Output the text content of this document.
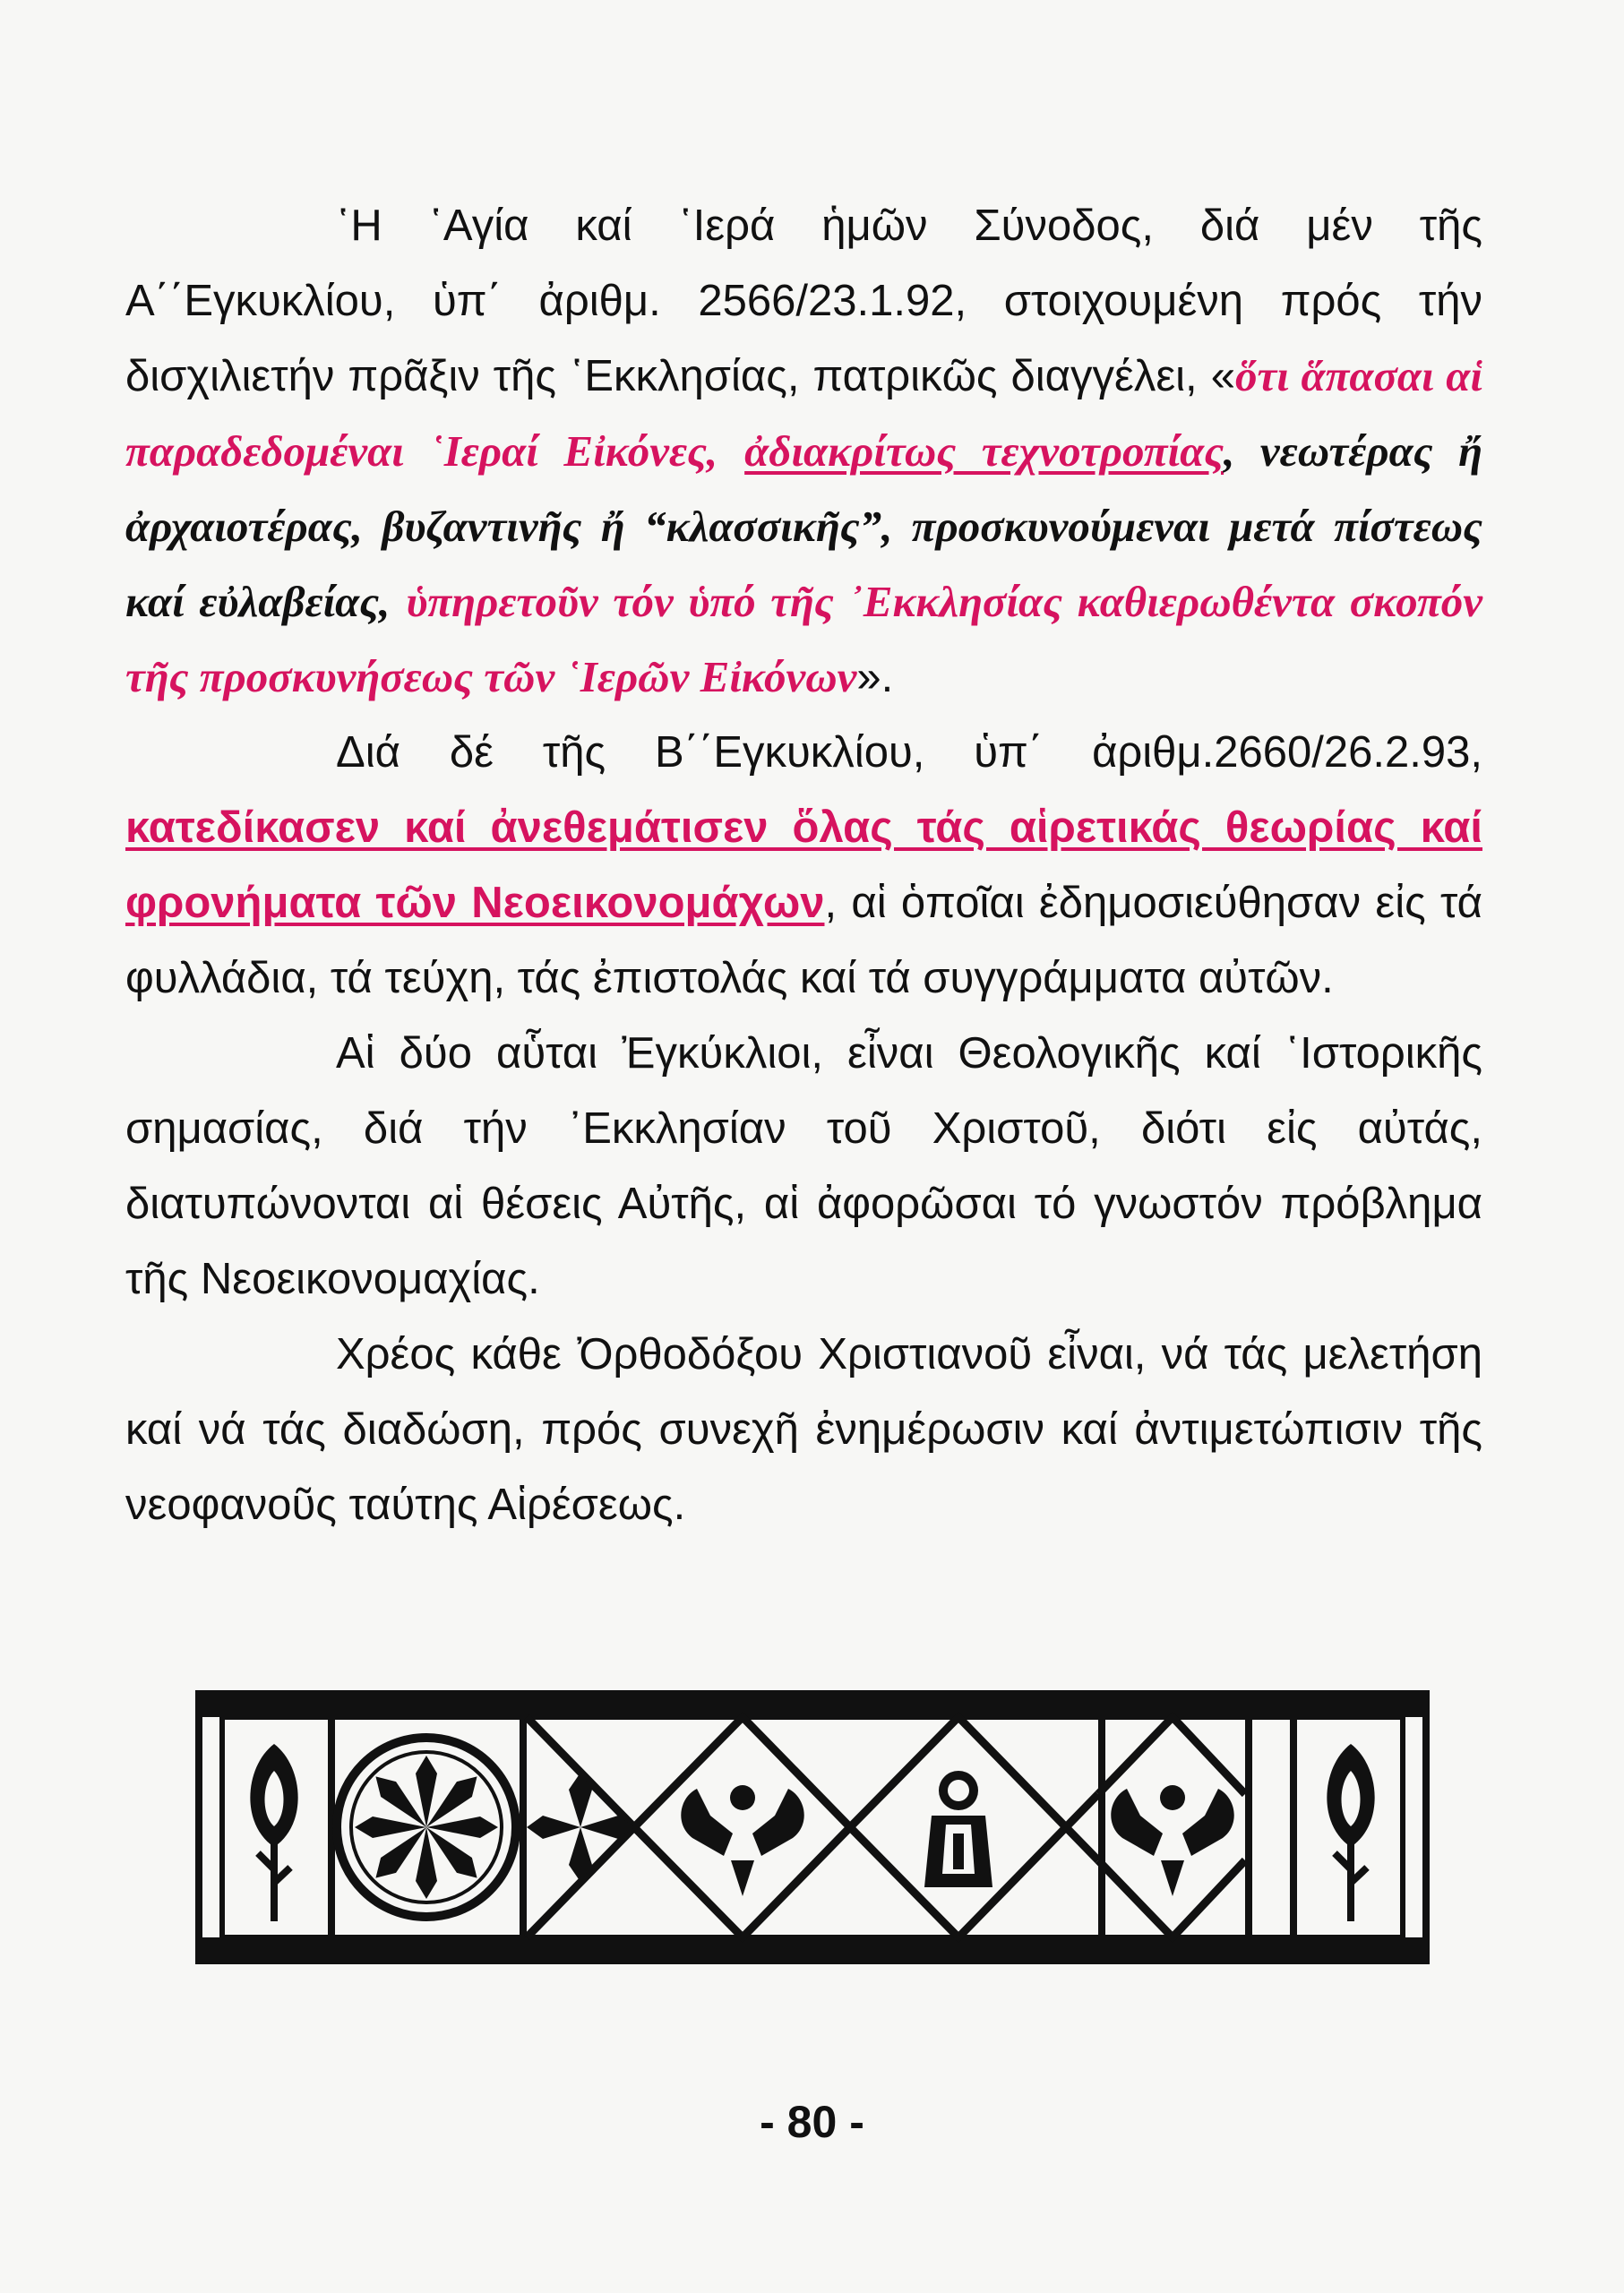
῾Η ῾Αγία καί ῾Ιερά ἡμῶν Σύνοδος, διά μέν τῆς Α΄΄Εγκυκλίου, ὑπ΄ ἀριθμ. 2566/23.1.92, στοιχουμένη πρός τήν δισχιλιετήν πρᾶξιν τῆς ῾Εκκλησίας, πατρικῶς διαγγέλει, «ὅτι ἅπασαι αἱ παραδεδομέναι ῾Ιεραί Εἰκόνες, ἀδιακρίτως τεχνοτροπίας, νεωτέρας ἤ ἀρχαιοτέρας, βυζαντινῆς ἤ “κλασσικῆς”, προσκυνούμεναι μετά πίστεως καί εὐλαβείας, ὑπηρετοῦν τόν ὑπό τῆς ᾿Εκκλησίας καθιερωθέντα σκοπόν τῆς προσκυνήσεως τῶν ῾Ιερῶν Εἰκόνων».

Διά δέ τῆς Β΄΄Εγκυκλίου, ὑπ΄ ἀριθμ.2660/26.2.93, κατεδίκασεν καί ἀνεθεμάτισεν ὅλας τάς αἱρετικάς θεωρίας καί φρονήματα τῶν Νεοεικονομάχων, αἱ ὁποῖαι ἐδημοσιεύθησαν εἰς τά φυλλάδια, τά τεύχη, τάς ἐπιστολάς καί τά συγγράμματα αὐτῶν.

Αἱ δύο αὗται Ἐγκύκλιοι, εἶναι Θεολογικῆς καί ῾Ιστορικῆς σημασίας, διά τήν ᾿Εκκλησίαν τοῦ Χριστοῦ, διότι εἰς αὐτάς, διατυπώνονται αἱ θέσεις Αὐτῆς, αἱ ἀφορῶσαι τό γνωστόν πρόβλημα τῆς Νεοεικονομαχίας.

Χρέος κάθε Ὀρθοδόξου Χριστιανοῦ εἶναι, νά τάς μελετήση καί νά τάς διαδώση, πρός συνεχῆ ἐνημέρωσιν καί ἀντιμετώπισιν τῆς νεοφανοῦς ταύτης Αἱρέσεως.

- 80 -
